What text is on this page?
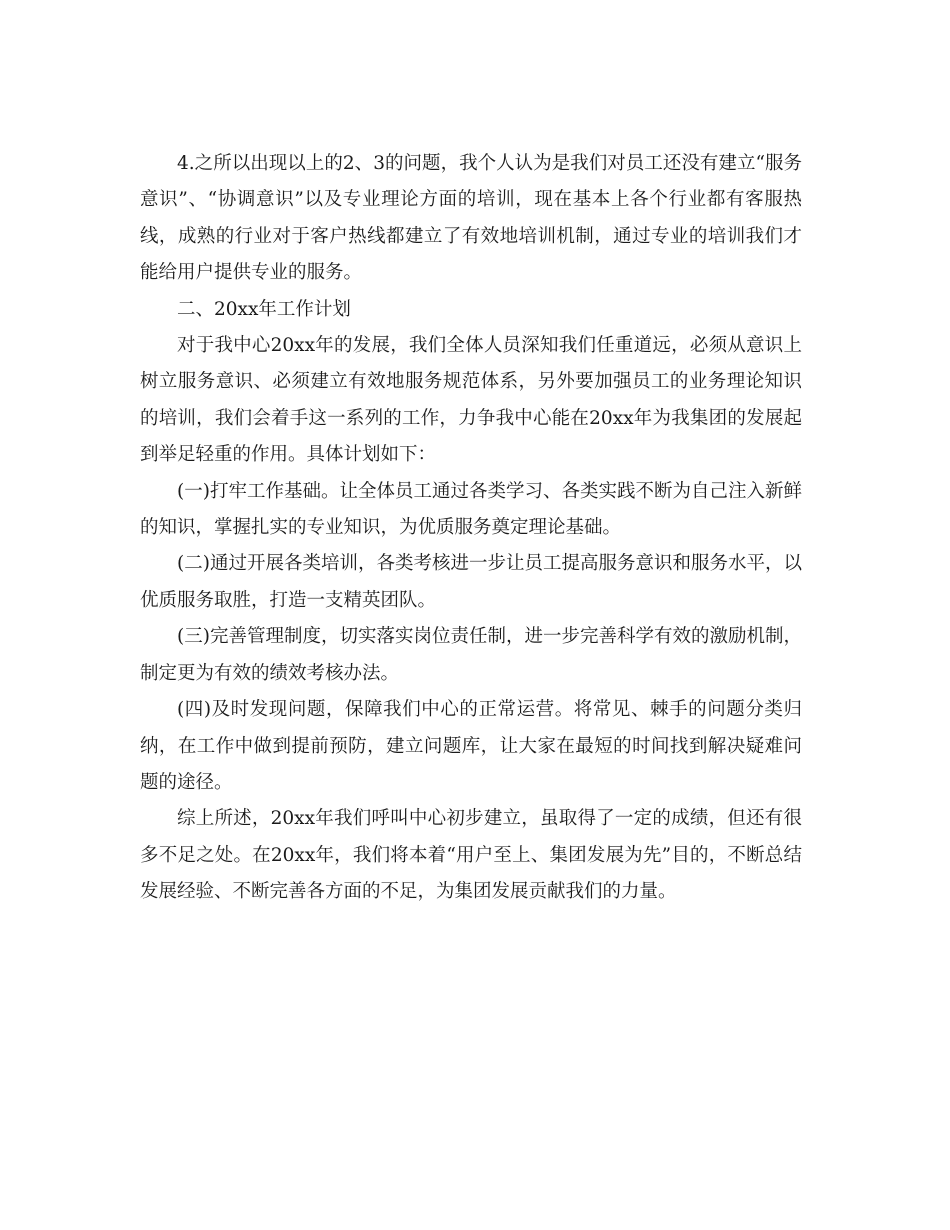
4.之所以出现以上的2、3的问题，我个人认为是我们对员工还没有建立“服务意识”、“协调意识”以及专业理论方面的培训，现在基本上各个行业都有客服热线，成熟的行业对于客户热线都建立了有效地培训机制，通过专业的培训我们才能给用户提供专业的服务。

二、20xx年工作计划

对于我中心20xx年的发展，我们全体人员深知我们任重道远，必须从意识上树立服务意识、必须建立有效地服务规范体系，另外要加强员工的业务理论知识的培训，我们会着手这一系列的工作，力争我中心能在20xx年为我集团的发展起到举足轻重的作用。具体计划如下：

(一)打牢工作基础。让全体员工通过各类学习、各类实践不断为自己注入新鲜的知识，掌握扎实的专业知识，为优质服务奠定理论基础。

(二)通过开展各类培训，各类考核进一步让员工提高服务意识和服务水平，以优质服务取胜，打造一支精英团队。

(三)完善管理制度，切实落实岗位责任制，进一步完善科学有效的激励机制，制定更为有效的绩效考核办法。

(四)及时发现问题，保障我们中心的正常运营。将常见、棘手的问题分类归纳，在工作中做到提前预防，建立问题库，让大家在最短的时间找到解决疑难问题的途径。

综上所述，20xx年我们呼叫中心初步建立，虽取得了一定的成绩，但还有很多不足之处。在20xx年，我们将本着“用户至上、集团发展为先”目的，不断总结发展经验、不断完善各方面的不足，为集团发展贡献我们的力量。
